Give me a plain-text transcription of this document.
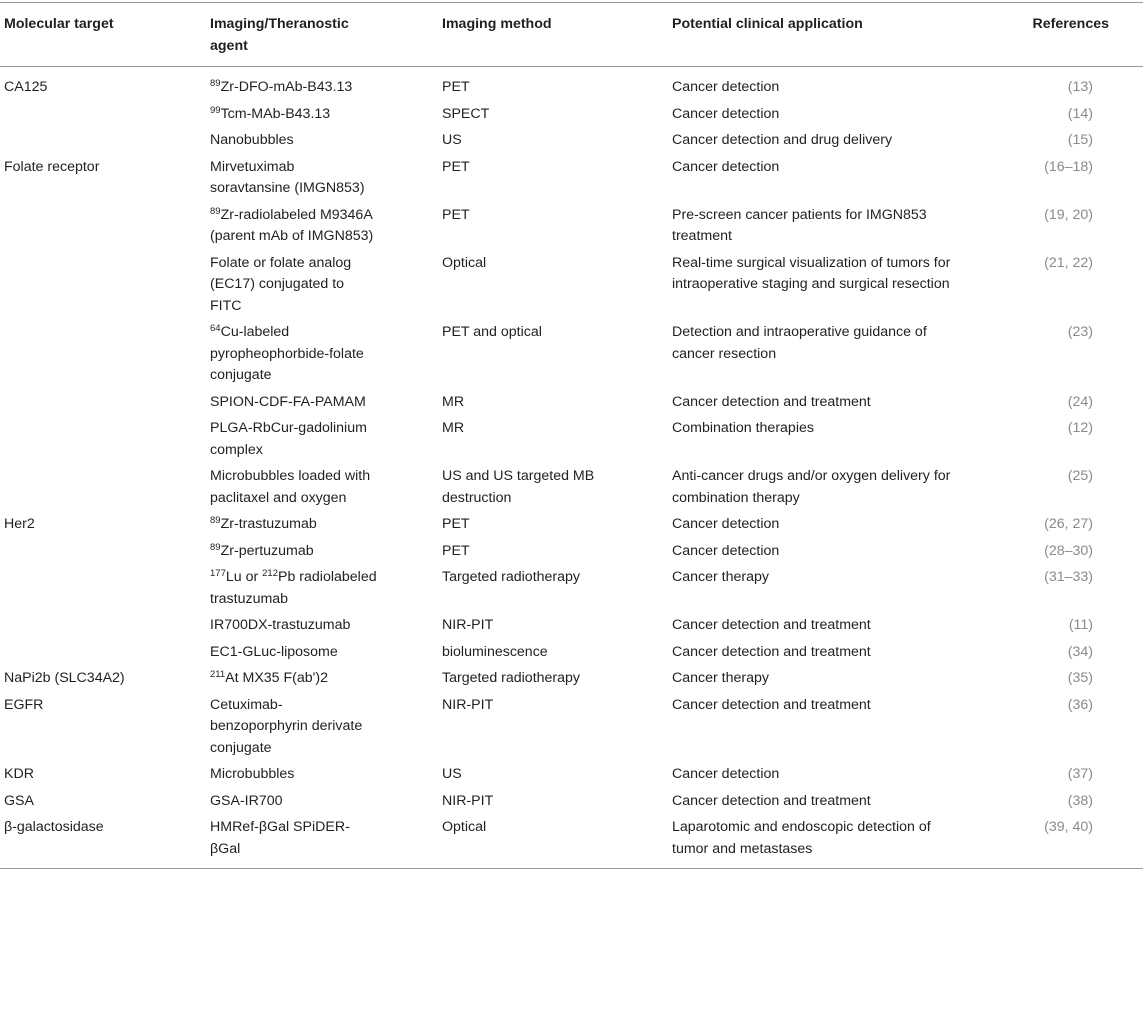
Molecular target	Imaging/Theranostic agent	Imaging method	Potential clinical application	References
CA125	$^{89}$Zr-DFO-mAb-B43.13	PET	Cancer detection	(13)
	$^{99}$Tcm-MAb-B43.13	SPECT	Cancer detection	(14)
	Nanobubbles	US	Cancer detection and drug delivery	(15)
Folate receptor	Mirvetuximab soravtansine (IMGN853)	PET	Cancer detection	(16–18)
	$^{89}$Zr-radiolabeled M9346A (parent mAb of IMGN853)	PET	Pre-screen cancer patients for IMGN853 treatment	(19, 20)
	Folate or folate analog (EC17) conjugated to FITC	Optical	Real-time surgical visualization of tumors for intraoperative staging and surgical resection	(21, 22)
	$^{64}$Cu-labeled pyropheophorbide-folate conjugate	PET and optical	Detection and intraoperative guidance of cancer resection	(23)
	SPION-CDF-FA-PAMAM	MR	Cancer detection and treatment	(24)
	PLGA-RbCur-gadolinium complex	MR	Combination therapies	(12)
	Microbubbles loaded with paclitaxel and oxygen	US and US targeted MB destruction	Anti-cancer drugs and/or oxygen delivery for combination therapy	(25)
Her2	$^{89}$Zr-trastuzumab	PET	Cancer detection	(26, 27)
	$^{89}$Zr-pertuzumab	PET	Cancer detection	(28–30)
	$^{177}$Lu or $^{212}$Pb radiolabeled trastuzumab	Targeted radiotherapy	Cancer therapy	(31–33)
	IR700DX-trastuzumab	NIR-PIT	Cancer detection and treatment	(11)
	EC1-GLuc-liposome	bioluminescence	Cancer detection and treatment	(34)
NaPi2b (SLC34A2)	$^{211}$At MX35 F(ab')2	Targeted radiotherapy	Cancer therapy	(35)
EGFR	Cetuximab-benzoporphyrin derivate conjugate	NIR-PIT	Cancer detection and treatment	(36)
KDR	Microbubbles	US	Cancer detection	(37)
GSA	GSA-IR700	NIR-PIT	Cancer detection and treatment	(38)
β-galactosidase	HMRef-βGal SPiDER-βGal	Optical	Laparotomic and endoscopic detection of tumor and metastases	(39, 40)
